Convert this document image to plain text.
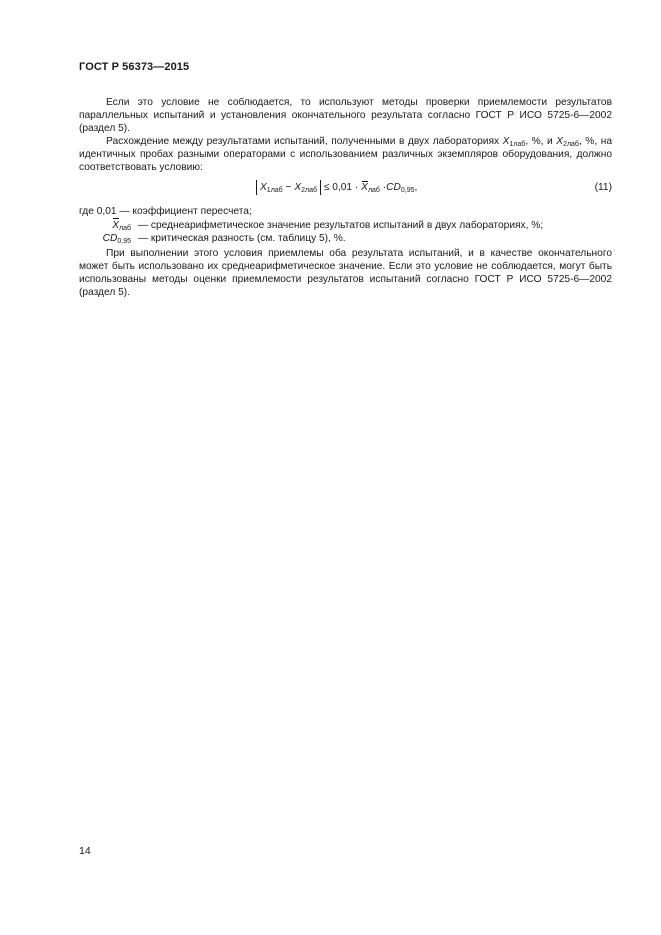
ГОСТ Р 56373—2015

Если это условие не соблюдается, то используют методы проверки приемлемости результатов параллельных испытаний и установления окончательного результата согласно ГОСТ Р ИСО 5725-6—2002 (раздел 5).

Расхождение между результатами испытаний, полученными в двух лабораториях $X_{1лаб}$, %, и $X_{2лаб}$, %, на идентичных пробах разными операторами с использованием различных экземпляров оборудования, должно соответствовать условию:

$X_{1лаб} - X_{2лаб} \le 0,01 \cdot X_{лаб} \cdot CD_{0,95}$,	(11)
где 0,01 — коэффициент пересчета;
$X_{лаб}$ — среднеарифметическое значение результатов испытаний в двух лабораториях, %;
$CD_{0,95}$ — критическая разность (см. таблицу 5), %.

При выполнении этого условия приемлемы оба результата испытаний, и в качестве окончательного может быть использовано их среднеарифметическое значение. Если это условие не соблюдается, могут быть использованы методы оценки приемлемости результатов испытаний согласно ГОСТ Р ИСО 5725-6—2002 (раздел 5).

14
